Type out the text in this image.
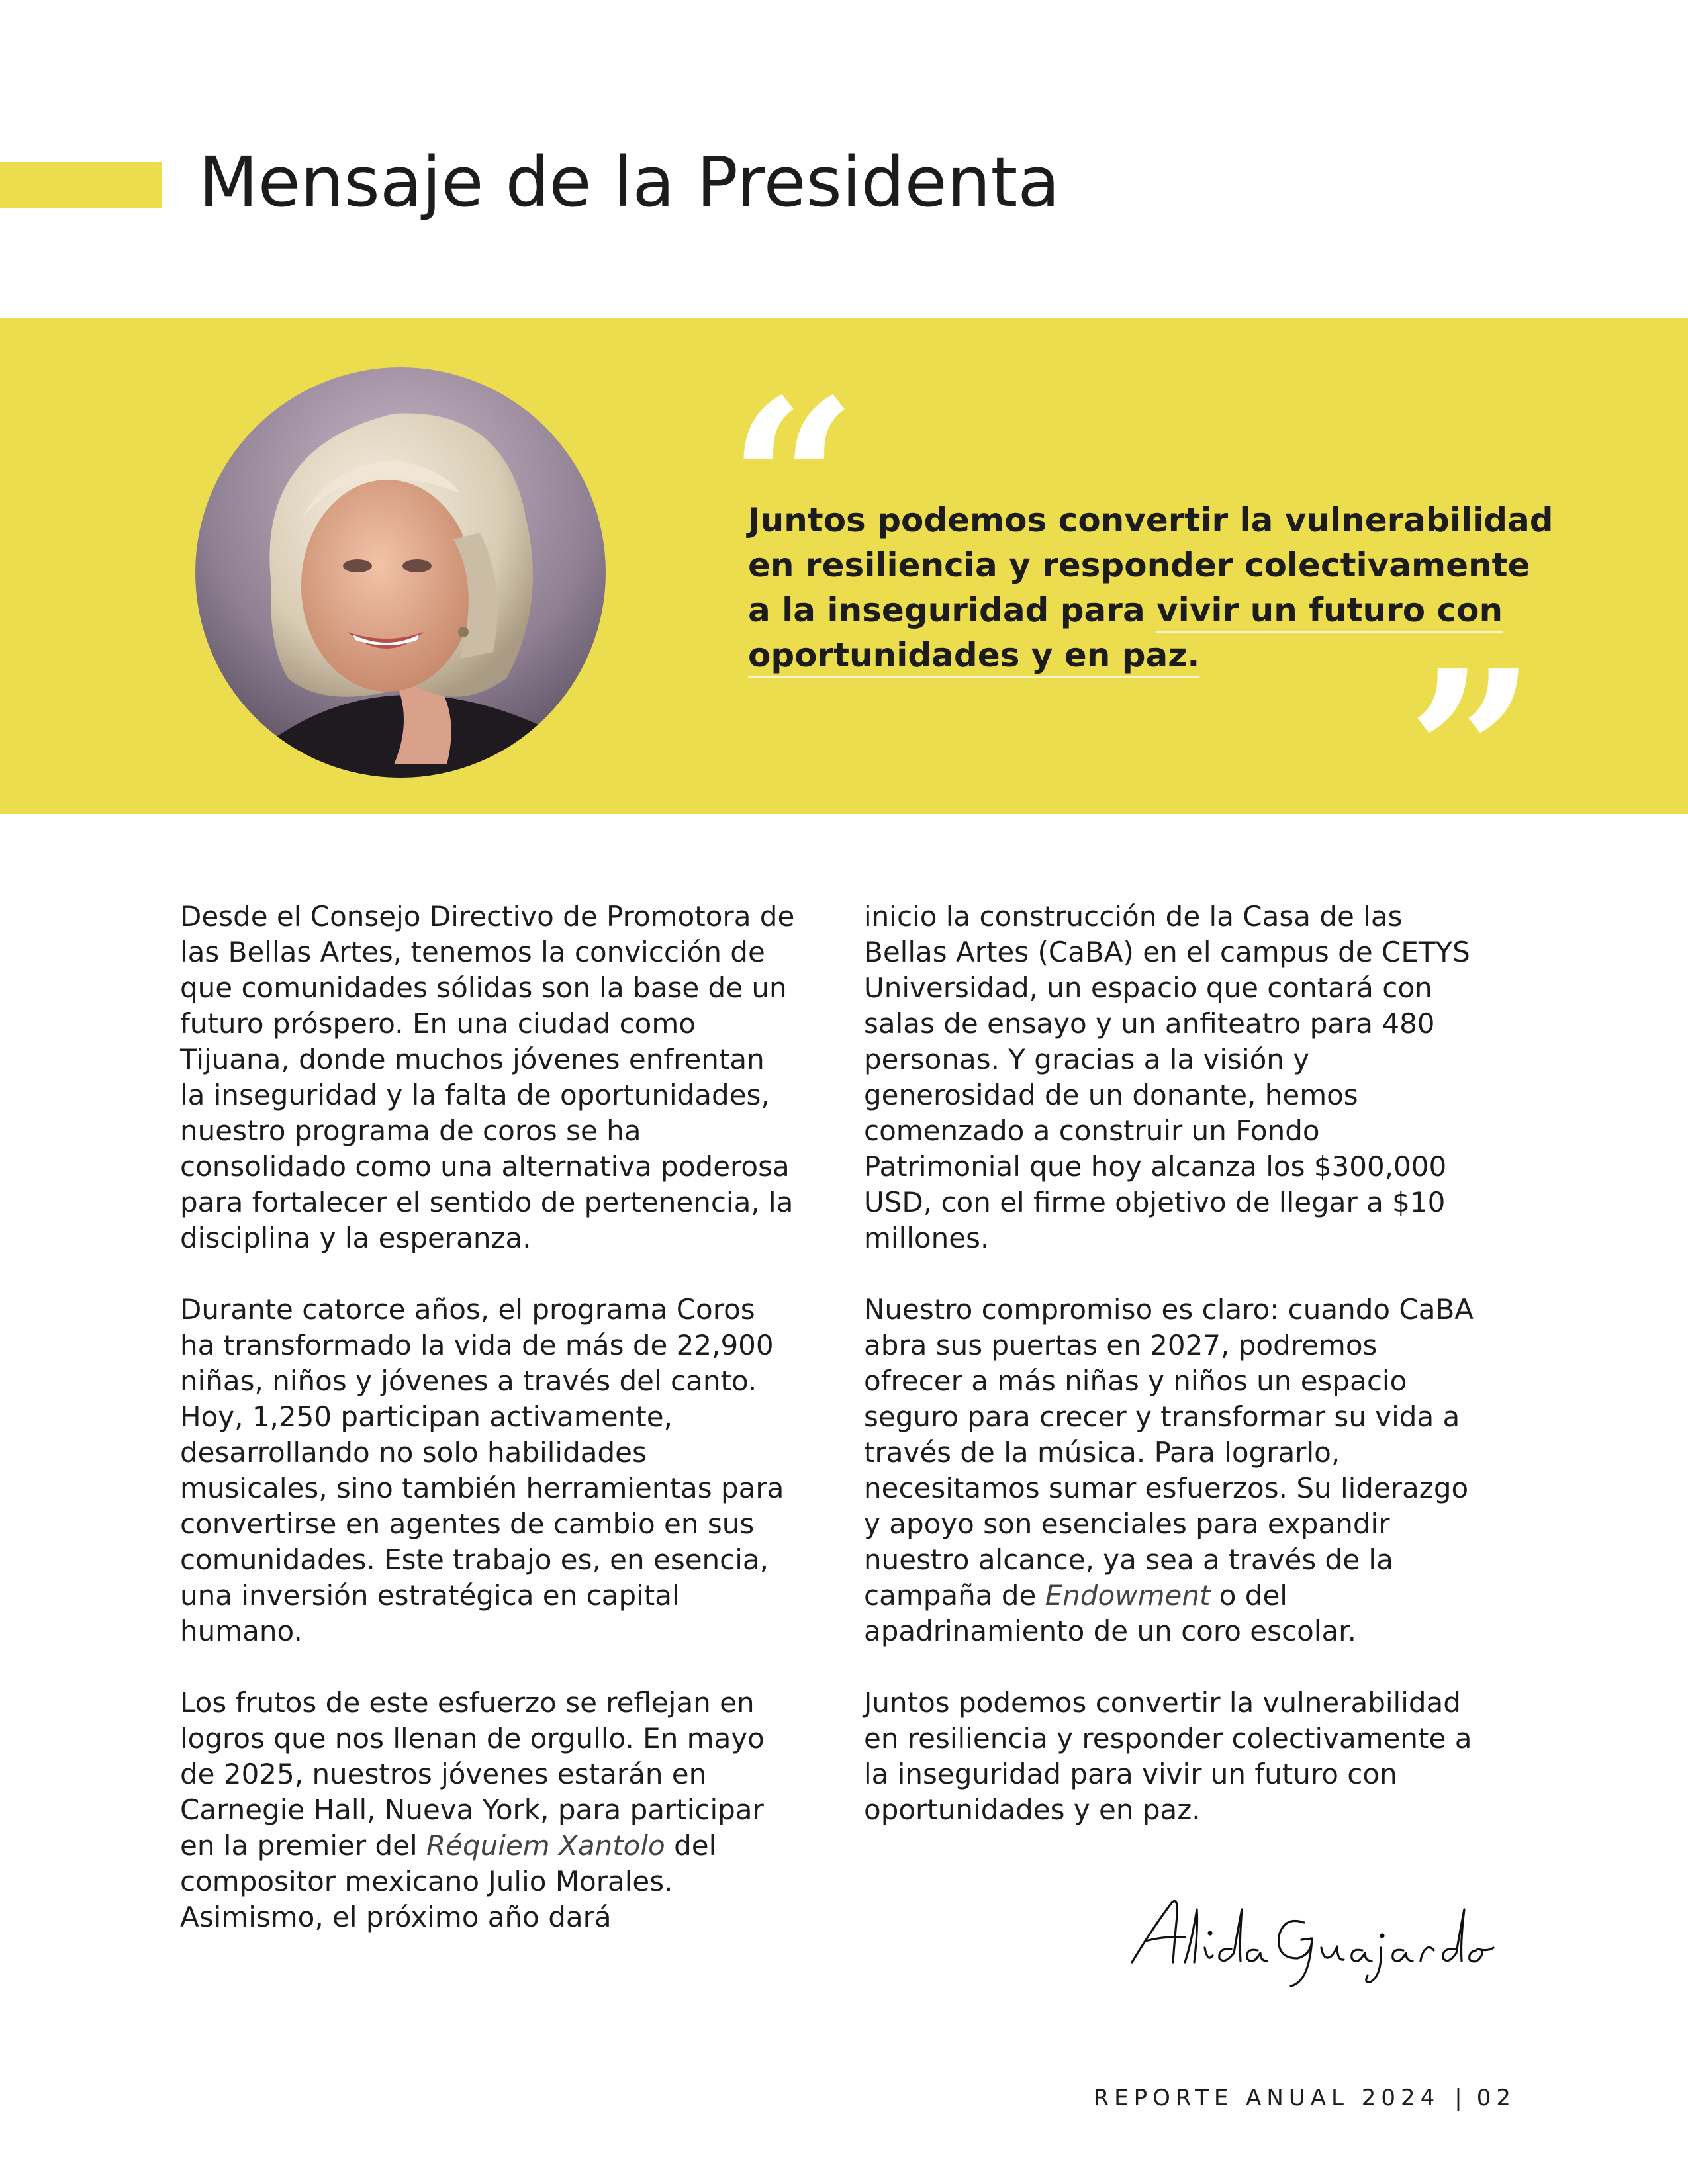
Mensaje de la Presidenta
“

Juntos podemos convertir la vulnerabilidad en resiliencia y responder colectivamente a la inseguridad para vivir un futuro con oportunidades y en paz. ”

Desde el Consejo Directivo de Promotora de las Bellas Artes, tenemos la convicción de que comunidades sólidas son la base de un futuro próspero. En una ciudad como Tijuana, donde muchos jóvenes enfrentan la inseguridad y la falta de oportunidades, nuestro programa de coros se ha consolidado como una alternativa poderosa para fortalecer el sentido de pertenencia, la disciplina y la esperanza.

Durante catorce años, el programa Coros ha transformado la vida de más de 22,900 niñas, niños y jóvenes a través del canto. Hoy, 1,250 participan activamente, desarrollando no solo habilidades musicales, sino también herramientas para convertirse en agentes de cambio en sus comunidades. Este trabajo es, en esencia, una inversión estratégica en capital humano.

Los frutos de este esfuerzo se reflejan en logros que nos llenan de orgullo. En mayo de 2025, nuestros jóvenes estarán en Carnegie Hall, Nueva York, para participar en la premier del Réquiem Xantolo del compositor mexicano Julio Morales. Asimismo, el próximo año dará

inicio la construcción de la Casa de las Bellas Artes (CaBA) en el campus de CETYS Universidad, un espacio que contará con salas de ensayo y un anfiteatro para 480 personas. Y gracias a la visión y generosidad de un donante, hemos comenzado a construir un Fondo Patrimonial que hoy alcanza los $300,000 USD, con el firme objetivo de llegar a $10 millones.

Nuestro compromiso es claro: cuando CaBA abra sus puertas en 2027, podremos ofrecer a más niñas y niños un espacio seguro para crecer y transformar su vida a través de la música. Para lograrlo, necesitamos sumar esfuerzos. Su liderazgo y apoyo son esenciales para expandir nuestro alcance, ya sea a través de la campaña de Endowment o del apadrinamiento de un coro escolar.

Juntos podemos convertir la vulnerabilidad en resiliencia y responder colectivamente a la inseguridad para vivir un futuro con oportunidades y en paz.

REPORTE ANUAL 2024 | 02
